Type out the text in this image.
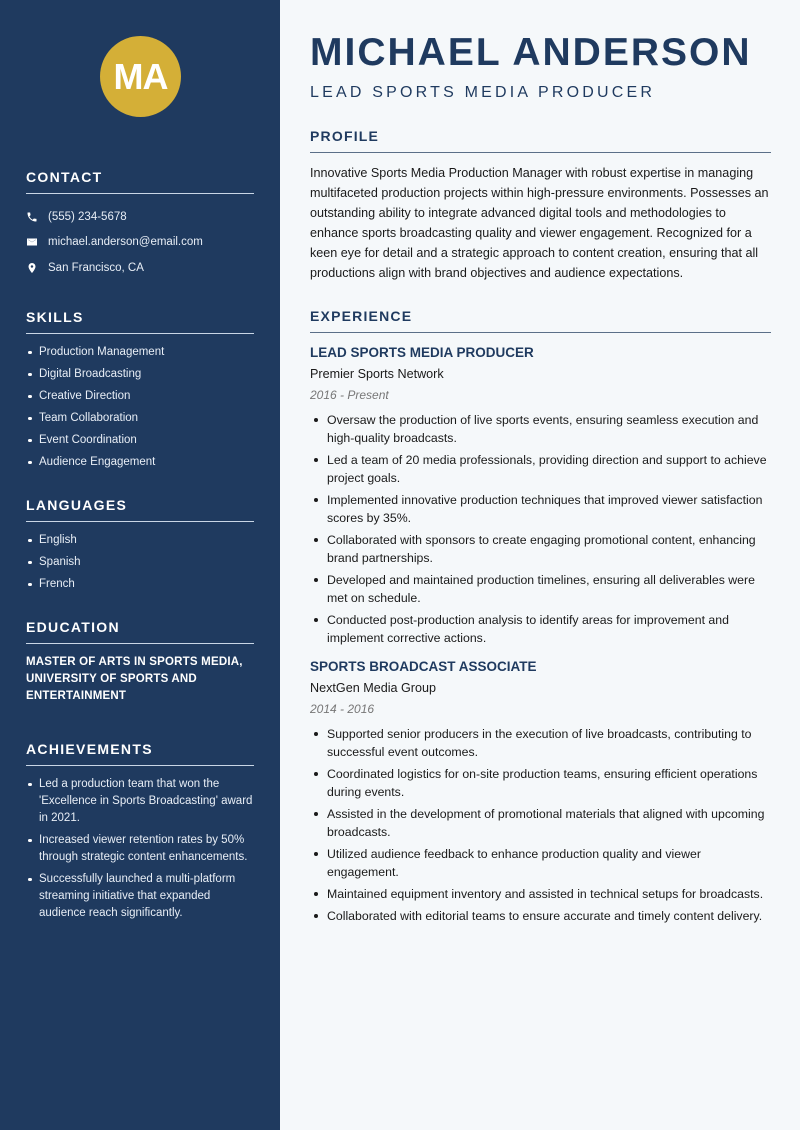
MA
CONTACT
(555) 234-5678
michael.anderson@email.com
San Francisco, CA
SKILLS
Production Management
Digital Broadcasting
Creative Direction
Team Collaboration
Event Coordination
Audience Engagement
LANGUAGES
English
Spanish
French
EDUCATION
MASTER OF ARTS IN SPORTS MEDIA, UNIVERSITY OF SPORTS AND ENTERTAINMENT
ACHIEVEMENTS
Led a production team that won the 'Excellence in Sports Broadcasting' award in 2021.
Increased viewer retention rates by 50% through strategic content enhancements.
Successfully launched a multi-platform streaming initiative that expanded audience reach significantly.
MICHAEL ANDERSON
LEAD SPORTS MEDIA PRODUCER
PROFILE

Innovative Sports Media Production Manager with robust expertise in managing multifaceted production projects within high-pressure environments. Possesses an outstanding ability to integrate advanced digital tools and methodologies to enhance sports broadcasting quality and viewer engagement. Recognized for a keen eye for detail and a strategic approach to content creation, ensuring that all productions align with brand objectives and audience expectations.

EXPERIENCE
LEAD SPORTS MEDIA PRODUCER
Premier Sports Network
2016 - Present
Oversaw the production of live sports events, ensuring seamless execution and high-quality broadcasts.
Led a team of 20 media professionals, providing direction and support to achieve project goals.
Implemented innovative production techniques that improved viewer satisfaction scores by 35%.
Collaborated with sponsors to create engaging promotional content, enhancing brand partnerships.
Developed and maintained production timelines, ensuring all deliverables were met on schedule.
Conducted post-production analysis to identify areas for improvement and implement corrective actions.
SPORTS BROADCAST ASSOCIATE
NextGen Media Group
2014 - 2016
Supported senior producers in the execution of live broadcasts, contributing to successful event outcomes.
Coordinated logistics for on-site production teams, ensuring efficient operations during events.
Assisted in the development of promotional materials that aligned with upcoming broadcasts.
Utilized audience feedback to enhance production quality and viewer engagement.
Maintained equipment inventory and assisted in technical setups for broadcasts.
Collaborated with editorial teams to ensure accurate and timely content delivery.
